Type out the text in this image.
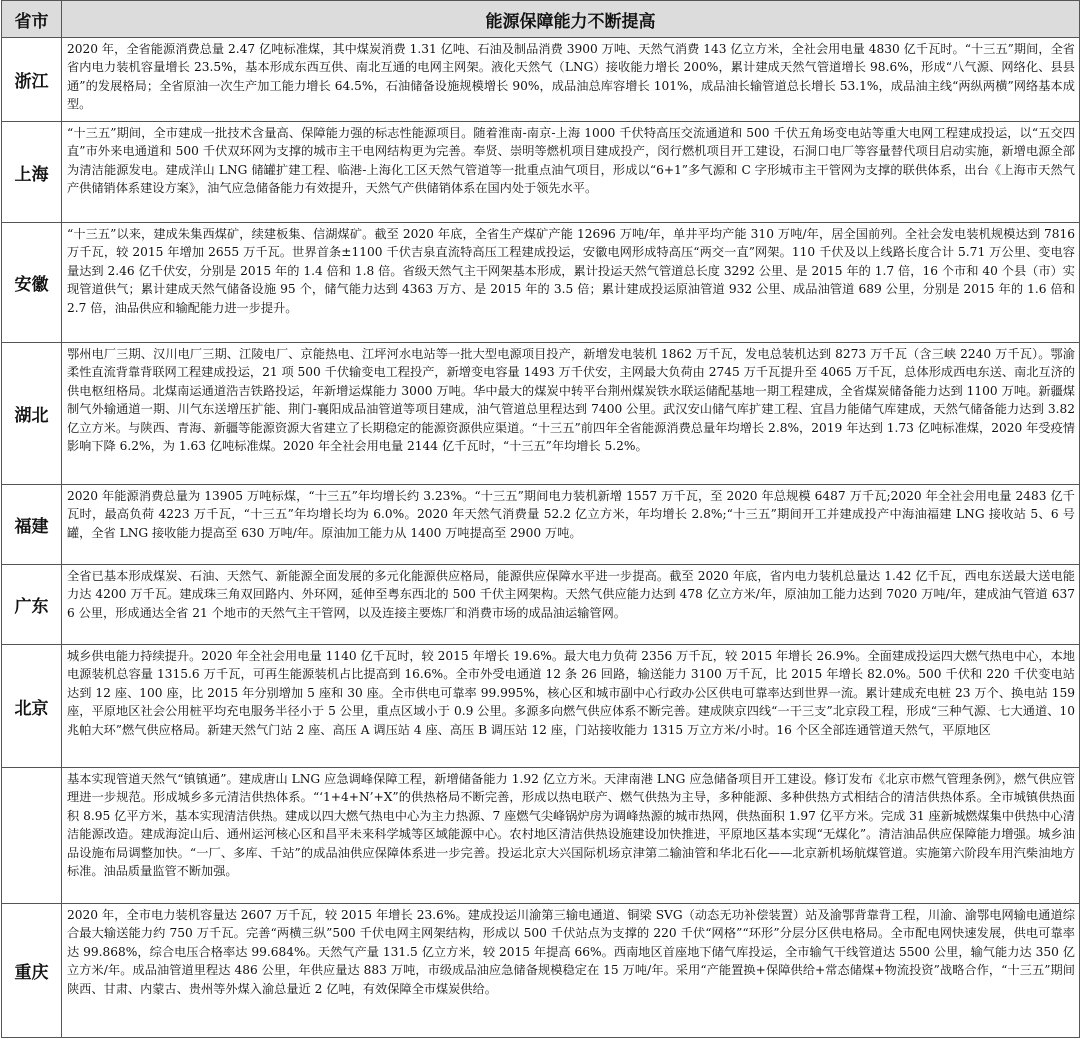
省市	能源保障能力不断提高
浙江	2020 年，全省能源消费总量 2.47 亿吨标准煤，其中煤炭消费 1.31 亿吨、石油及制品消费 3900 万吨、天然气消费 143 亿立方米，全社会用电量 4830 亿千瓦时。“十三五”期间，全省省内电力装机容量增长 23.5%，基本形成东西互供、南北互通的电网主网架。液化天然气（LNG）接收能力增长 200%，累计建成天然气管道增长 98.6%，形成“八气源、网络化、县县通”的发展格局；全省原油一次生产加工能力增长 64.5%，石油储备设施规模增长 90%，成品油总库容增长 101%，成品油长输管道总长增长 53.1%，成品油主线“两纵两横”网络基本成型。

上海	“十三五”期间，全市建成一批技术含量高、保障能力强的标志性能源项目。随着淮南-南京-上海 1000 千伏特高压交流通道和 500 千伏五角场变电站等重大电网工程建成投运，以“五交四直”市外来电通道和 500 千伏双环网为支撑的城市主干电网结构更为完善。奉贤、崇明等燃机项目建成投产，闵行燃机项目开工建设，石洞口电厂等容量替代项目启动实施，新增电源全部为清洁能源发电。建成洋山 LNG 储罐扩建工程、临港-上海化工区天然气管道等一批重点油气项目，形成以“6+1”多气源和 C 字形城市主干管网为支撑的联供体系，出台《上海市天然气产供储销体系建设方案》，油气应急储备能力有效提升，天然气产供储销体系在国内处于领先水平。

安徽	“十三五”以来，建成朱集西煤矿，续建板集、信湖煤矿。截至 2020 年底，全省生产煤矿产能 12696 万吨/年，单井平均产能 310 万吨/年，居全国前列。全社会发电装机规模达到 7816 万千瓦，较 2015 年增加 2655 万千瓦。世界首条±1100 千伏吉泉直流特高压工程建成投运，安徽电网形成特高压“两交一直”网架。110 千伏及以上线路长度合计 5.71 万公里、变电容量达到 2.46 亿千伏安，分别是 2015 年的 1.4 倍和 1.8 倍。省级天然气主干网架基本形成，累计投运天然气管道总长度 3292 公里、是 2015 年的 1.7 倍，16 个市和 40 个县（市）实现管道供气；累计建成天然气储备设施 95 个，储气能力达到 4363 万方、是 2015 年的 3.5 倍；累计建成投运原油管道 932 公里、成品油管道 689 公里，分别是 2015 年的 1.6 倍和 2.7 倍，油品供应和输配能力进一步提升。

湖北	鄂州电厂三期、汉川电厂三期、江陵电厂、京能热电、江坪河水电站等一批大型电源项目投产，新增发电装机 1862 万千瓦，发电总装机达到 8273 万千瓦（含三峡 2240 万千瓦）。鄂渝柔性直流背靠背联网工程建成投运，21 项 500 千伏输变电工程投产，新增变电容量 1493 万千伏安，主网最大负荷由 2745 万千瓦提升至 4065 万千瓦，总体形成西电东送、南北互济的供电枢纽格局。北煤南运通道浩吉铁路投运，年新增运煤能力 3000 万吨。华中最大的煤炭中转平台荆州煤炭铁水联运储配基地一期工程建成，全省煤炭储备能力达到 1100 万吨。新疆煤制气外输通道一期、川气东送增压扩能、荆门-襄阳成品油管道等项目建成，油气管道总里程达到 7400 公里。武汉安山储气库扩建工程、宜昌力能储气库建成，天然气储备能力达到 3.82 亿立方米。与陕西、青海、新疆等能源资源大省建立了长期稳定的能源资源供应渠道。“十三五”前四年全省能源消费总量年均增长 2.8%，2019 年达到 1.73 亿吨标准煤，2020 年受疫情影响下降 6.2%，为 1.63 亿吨标准煤。2020 年全社会用电量 2144 亿千瓦时，“十三五”年均增长 5.2%。

福建	2020 年能源消费总量为 13905 万吨标煤，“十三五”年均增长约 3.23%。“十三五”期间电力装机新增 1557 万千瓦，至 2020 年总规模 6487 万千瓦;2020 年全社会用电量 2483 亿千瓦时，最高负荷 4223 万千瓦，“十三五”年均增长均为 6.0%。2020 年天然气消费量 52.2 亿立方米，年均增长 2.8%;“十三五”期间开工并建成投产中海油福建 LNG 接收站 5、6 号罐，全省 LNG 接收能力提高至 630 万吨/年。原油加工能力从 1400 万吨提高至 2900 万吨。

广东	全省已基本形成煤炭、石油、天然气、新能源全面发展的多元化能源供应格局，能源供应保障水平进一步提高。截至 2020 年底，省内电力装机总量达 1.42 亿千瓦，西电东送最大送电能力达 4200 万千瓦。建成珠三角双回路内、外环网，延伸至粤东西北的 500 千伏主网架构。天然气供应能力达到 478 亿立方米/年，原油加工能力达到 7020 万吨/年，建成油气管道 6376 公里，形成通达全省 21 个地市的天然气主干管网，以及连接主要炼厂和消费市场的成品油运输管网。

北京	城乡供电能力持续提升。2020 年全社会用电量 1140 亿千瓦时，较 2015 年增长 19.6%。最大电力负荷 2356 万千瓦，较 2015 年增长 26.9%。全面建成投运四大燃气热电中心，本地电源装机总容量 1315.6 万千瓦，可再生能源装机占比提高到 16.6%。全市外受电通道 12 条 26 回路，输送能力 3100 万千瓦，比 2015 年增长 82.0%。500 千伏和 220 千伏变电站达到 12 座、100 座，比 2015 年分别增加 5 座和 30 座。全市供电可靠率 99.995%，核心区和城市副中心行政办公区供电可靠率达到世界一流。累计建成充电桩 23 万个、换电站 159 座，平原地区社会公用桩平均充电服务半径小于 5 公里，重点区域小于 0.9 公里。多源多向燃气供应体系不断完善。建成陕京四线“一干三支”北京段工程，形成“三种气源、七大通道、10 兆帕大环”燃气供应格局。新建天然气门站 2 座、高压 A 调压站 4 座、高压 B 调压站 12 座，门站接收能力 1315 万立方米/小时。16 个区全部连通管道天然气，平原地区

	基本实现管道天然气“镇镇通”。建成唐山 LNG 应急调峰保障工程，新增储备能力 1.92 亿立方米。天津南港 LNG 应急储备项目开工建设。修订发布《北京市燃气管理条例》，燃气供应管理进一步规范。形成城乡多元清洁供热体系。“‘1+4+N’+X”的供热格局不断完善，形成以热电联产、燃气供热为主导，多种能源、多种供热方式相结合的清洁供热体系。全市城镇供热面积 8.95 亿平方米，基本实现清洁供热。建成以四大燃气热电中心为主力热源、7 座燃气尖峰锅炉房为调峰热源的城市热网，供热面积 1.97 亿平方米。完成 31 座新城燃煤集中供热中心清洁能源改造。建成海淀山后、通州运河核心区和昌平未来科学城等区域能源中心。农村地区清洁供热设施建设加快推进，平原地区基本实现“无煤化”。清洁油品供应保障能力增强。城乡油品设施布局调整加快。“一厂、多库、千站”的成品油供应保障体系进一步完善。投运北京大兴国际机场京津第二输油管和华北石化——北京新机场航煤管道。实施第六阶段车用汽柴油地方标准。油品质量监管不断加强。

重庆	2020 年，全市电力装机容量达 2607 万千瓦，较 2015 年增长 23.6%。建成投运川渝第三输电通道、铜梁 SVG（动态无功补偿装置）站及渝鄂背靠背工程，川渝、渝鄂电网输电通道综合最大输送能力约 750 万千瓦。完善“两横三纵”500 千伏电网主网架结构，形成以 500 千伏站点为支撑的 220 千伏“网格”“环形”分层分区供电格局。全市配电网快速发展，供电可靠率达 99.868%，综合电压合格率达 99.684%。天然气产量 131.5 亿立方米，较 2015 年提高 66%。西南地区首座地下储气库投运，全市输气干线管道达 5500 公里，输气能力达 350 亿立方米/年。成品油管道里程达 486 公里，年供应量达 883 万吨，市级成品油应急储备规模稳定在 15 万吨/年。采用“产能置换+保障供给+常态储煤+物流投资”战略合作，“十三五”期间陕西、甘肃、内蒙古、贵州等外煤入渝总量近 2 亿吨，有效保障全市煤炭供给。
